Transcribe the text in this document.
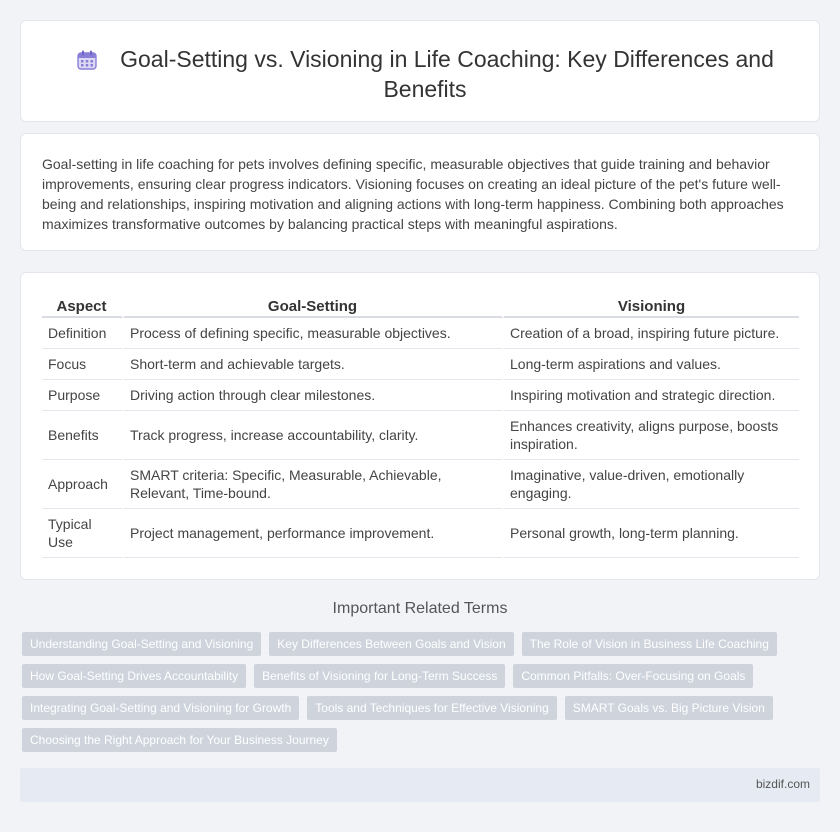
Goal-Setting vs. Visioning in Life Coaching: Key Differences and Benefits

Goal-setting in life coaching for pets involves defining specific, measurable objectives that guide training and behavior improvements, ensuring clear progress indicators. Visioning focuses on creating an ideal picture of the pet's future well-being and relationships, inspiring motivation and aligning actions with long-term happiness. Combining both approaches maximizes transformative outcomes by balancing practical steps with meaningful aspirations.

Aspect	Goal-Setting	Visioning
Definition	Process of defining specific, measurable objectives.	Creation of a broad, inspiring future picture.
Focus	Short-term and achievable targets.	Long-term aspirations and values.
Purpose	Driving action through clear milestones.	Inspiring motivation and strategic direction.
Benefits	Track progress, increase accountability, clarity.	Enhances creativity, aligns purpose, boosts inspiration.
Approach	SMART criteria: Specific, Measurable, Achievable, Relevant, Time-bound.	Imaginative, value-driven, emotionally engaging.
Typical Use	Project management, performance improvement.	Personal growth, long-term planning.
Important Related Terms
Understanding Goal-Setting and Visioning	Key Differences Between Goals and Vision	The Role of Vision in Business Life Coaching
How Goal-Setting Drives Accountability	Benefits of Visioning for Long-Term Success	Common Pitfalls: Over-Focusing on Goals
Integrating Goal-Setting and Visioning for Growth	Tools and Techniques for Effective Visioning	SMART Goals vs. Big Picture Vision
Choosing the Right Approach for Your Business Journey
bizdif.com
